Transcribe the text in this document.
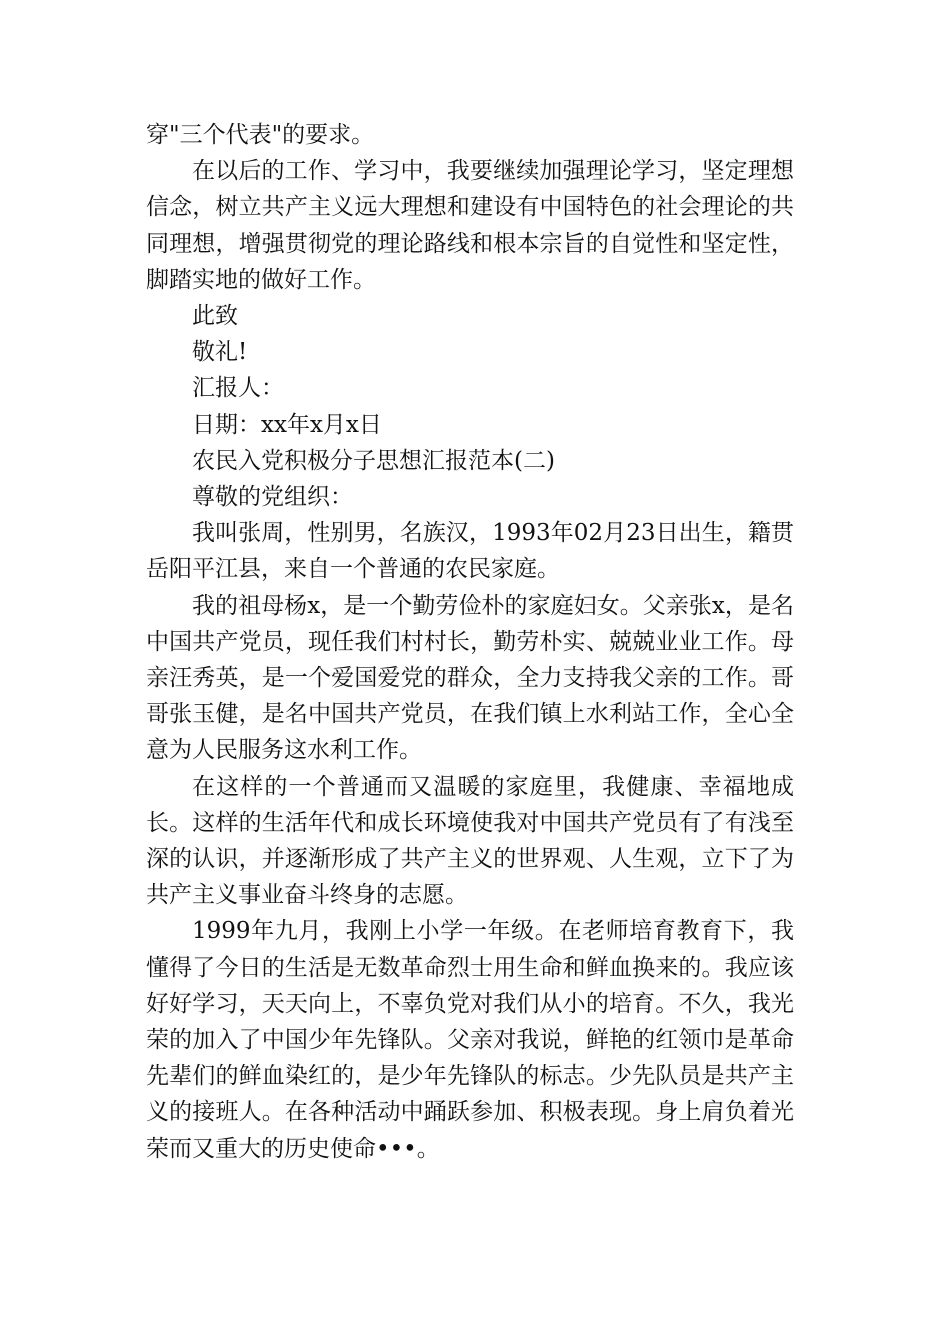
穿"三个代表"的要求。

在以后的工作、学习中，我要继续加强理论学习，坚定理想信念，树立共产主义远大理想和建设有中国特色的社会理论的共同理想，增强贯彻党的理论路线和根本宗旨的自觉性和坚定性，脚踏实地的做好工作。

此致

敬礼!

汇报人：

日期：xx年x月x日

农民入党积极分子思想汇报范本(二)

尊敬的党组织：

我叫张周，性别男，名族汉，1993年02月23日出生，籍贯岳阳平江县，来自一个普通的农民家庭。

我的祖母杨x，是一个勤劳俭朴的家庭妇女。父亲张x，是名中国共产党员，现任我们村村长，勤劳朴实、兢兢业业工作。母亲汪秀英，是一个爱国爱党的群众，全力支持我父亲的工作。哥哥张玉健，是名中国共产党员，在我们镇上水利站工作，全心全意为人民服务这水利工作。

在这样的一个普通而又温暖的家庭里，我健康、幸福地成长。这样的生活年代和成长环境使我对中国共产党员有了有浅至深的认识，并逐渐形成了共产主义的世界观、人生观，立下了为共产主义事业奋斗终身的志愿。

1999年九月，我刚上小学一年级。在老师培育教育下，我懂得了今日的生活是无数革命烈士用生命和鲜血换来的。我应该好好学习，天天向上，不辜负党对我们从小的培育。不久，我光荣的加入了中国少年先锋队。父亲对我说，鲜艳的红领巾是革命先辈们的鲜血染红的，是少年先锋队的标志。少先队员是共产主义的接班人。在各种活动中踊跃参加、积极表现。身上肩负着光荣而又重大的历史使命•••。
